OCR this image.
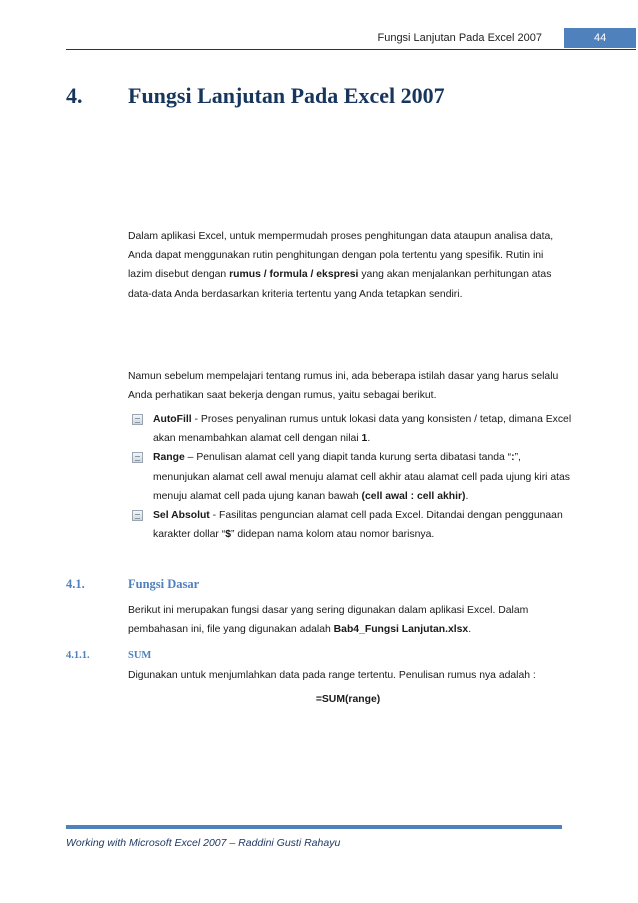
Fungsi Lanjutan Pada Excel 2007	44
4. Fungsi Lanjutan Pada Excel 2007

Dalam aplikasi Excel, untuk mempermudah proses penghitungan data ataupun analisa data, Anda dapat menggunakan rutin penghitungan dengan pola tertentu yang spesifik. Rutin ini lazim disebut dengan rumus / formula / ekspresi yang akan menjalankan perhitungan atas data-data Anda berdasarkan kriteria tertentu yang Anda tetapkan sendiri.

Namun sebelum mempelajari tentang rumus ini, ada beberapa istilah dasar yang harus selalu Anda perhatikan saat bekerja dengan rumus, yaitu sebagai berikut.

AutoFill - Proses penyalinan rumus untuk lokasi data yang konsisten / tetap, dimana Excel akan menambahkan alamat cell dengan nilai 1.
Range – Penulisan alamat cell yang diapit tanda kurung serta dibatasi tanda “:”, menunjukan alamat cell awal menuju alamat cell akhir atau alamat cell pada ujung kiri atas menuju alamat cell pada ujung kanan bawah (cell awal : cell akhir).
Sel Absolut - Fasilitas penguncian alamat cell pada Excel. Ditandai dengan penggunaan karakter dollar “$” didepan nama kolom atau nomor barisnya.
4.1.	Fungsi Dasar

Berikut ini merupakan fungsi dasar yang sering digunakan dalam aplikasi Excel. Dalam pembahasan ini, file yang digunakan adalah Bab4_Fungsi Lanjutan.xlsx.

4.1.1.	SUM

Digunakan untuk menjumlahkan data pada range tertentu. Penulisan rumus nya adalah :

=SUM(range)
Working with Microsoft Excel 2007 – Raddini Gusti Rahayu
